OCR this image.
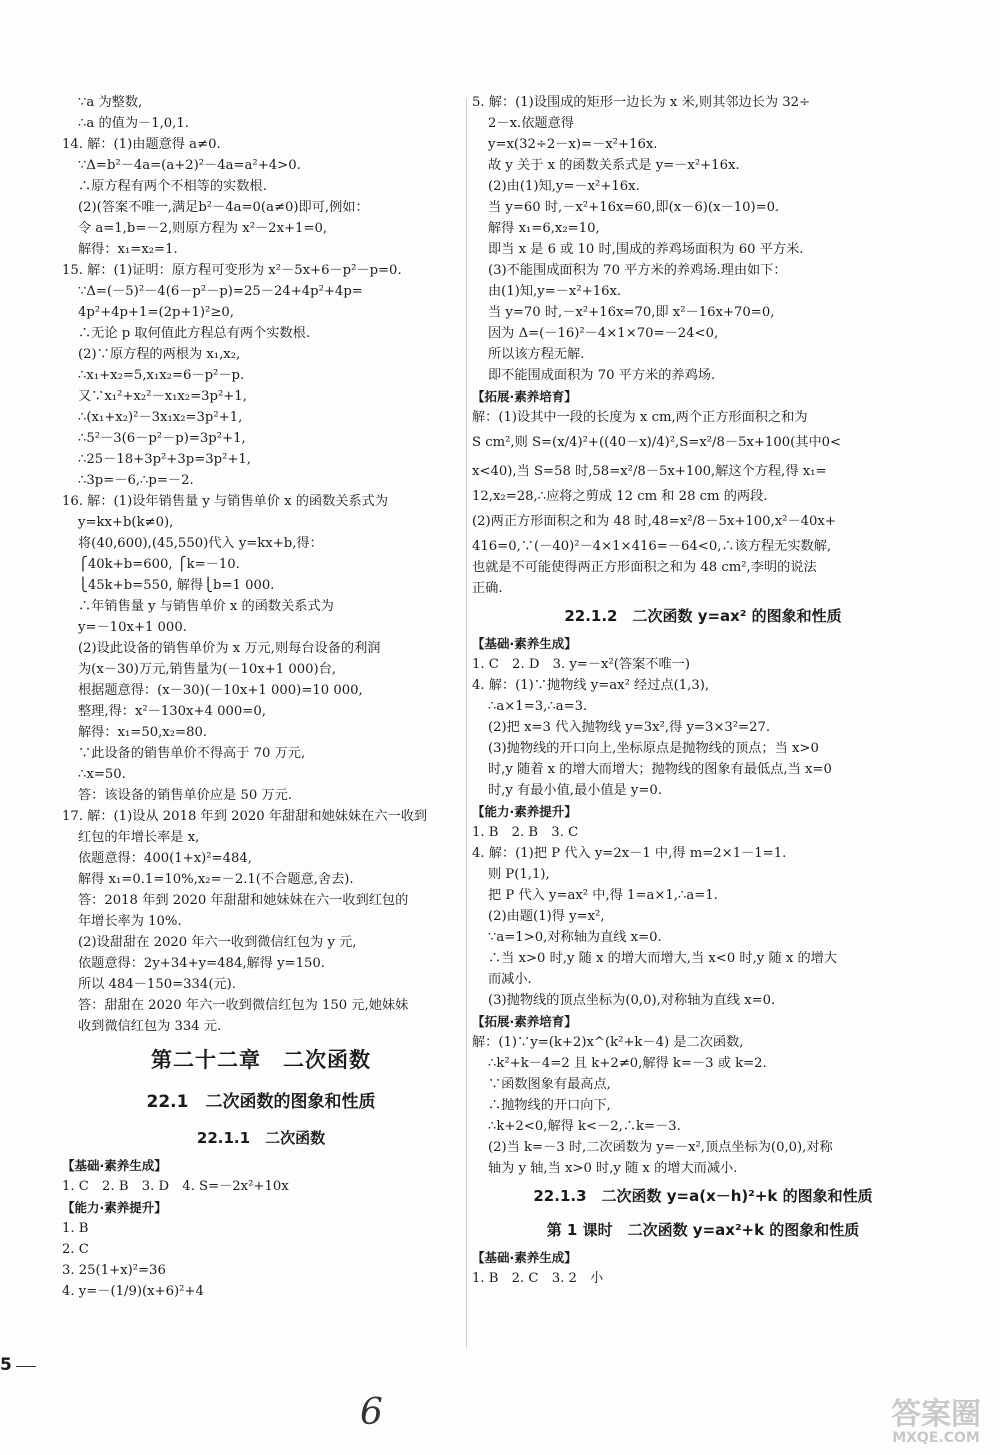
∵a 为整数,
∴a 的值为－1,0,1.
14. 解：(1)由题意得 a≠0.
∵Δ=b²－4a=(a+2)²－4a=a²+4>0.
∴原方程有两个不相等的实数根.
(2)(答案不唯一,满足b²－4a=0(a≠0)即可,例如：
令 a=1,b=－2,则原方程为 x²－2x+1=0,
解得：x₁=x₂=1.
15. 解：(1)证明：原方程可变形为 x²－5x+6－p²－p=0.
∵Δ=(－5)²－4(6－p²－p)=25－24+4p²+4p=
4p²+4p+1=(2p+1)²≥0,
∴无论 p 取何值此方程总有两个实数根.
(2)∵原方程的两根为 x₁,x₂,
∴x₁+x₂=5,x₁x₂=6－p²－p.
又∵x₁²+x₂²－x₁x₂=3p²+1,
∴(x₁+x₂)²－3x₁x₂=3p²+1,
∴5²－3(6－p²－p)=3p²+1,
∴25－18+3p²+3p=3p²+1,
∴3p=－6,∴p=－2.
16. 解：(1)设年销售量 y 与销售单价 x 的函数关系式为
y=kx+b(k≠0),
将(40,600),(45,550)代入 y=kx+b,得：
⎧40k+b=600, ⎧k=－10.
⎩45k+b=550, 解得⎩b=1 000.
∴年销售量 y 与销售单价 x 的函数关系式为
y=－10x+1 000.
(2)设此设备的销售单价为 x 万元,则每台设备的利润
为(x－30)万元,销售量为(－10x+1 000)台,
根据题意得：(x－30)(－10x+1 000)=10 000,
整理,得：x²－130x+4 000=0,
解得：x₁=50,x₂=80.
∵此设备的销售单价不得高于 70 万元,
∴x=50.
答：该设备的销售单价应是 50 万元.
17. 解：(1)设从 2018 年到 2020 年甜甜和她妹妹在六一收到
红包的年增长率是 x,
依题意得：400(1+x)²=484,
解得 x₁=0.1=10%,x₂=－2.1(不合题意,舍去).
答：2018 年到 2020 年甜甜和她妹妹在六一收到红包的
年增长率为 10%.
(2)设甜甜在 2020 年六一收到微信红包为 y 元,
依题意得：2y+34+y=484,解得 y=150.
所以 484－150=334(元).
答：甜甜在 2020 年六一收到微信红包为 150 元,她妹妹
收到微信红包为 334 元.
第二十二章　二次函数
22.1　二次函数的图象和性质
22.1.1　二次函数
【基础·素养生成】
1. C　2. B　3. D　4. S=－2x²+10x
【能力·素养提升】
1. B
2. C
3. 25(1+x)²=36
4. y=－(1/9)(x+6)²+4
5. 解：(1)设围成的矩形一边长为 x 米,则其邻边长为 32÷
2－x.依题意得
y=x(32÷2－x)=－x²+16x.
故 y 关于 x 的函数关系式是 y=－x²+16x.
(2)由(1)知,y=－x²+16x.
当 y=60 时,－x²+16x=60,即(x－6)(x－10)=0.
解得 x₁=6,x₂=10,
即当 x 是 6 或 10 时,围成的养鸡场面积为 60 平方米.
(3)不能围成面积为 70 平方米的养鸡场.理由如下：
由(1)知,y=－x²+16x.
当 y=70 时,－x²+16x=70,即 x²－16x+70=0,
因为 Δ=(－16)²－4×1×70=－24<0,
所以该方程无解.
即不能围成面积为 70 平方米的养鸡场.
【拓展·素养培育】
解：(1)设其中一段的长度为 x cm,两个正方形面积之和为
S cm²,则 S=(x/4)²+((40－x)/4)²,S=x²/8－5x+100(其中0<
x<40),当 S=58 时,58=x²/8－5x+100,解这个方程,得 x₁=
12,x₂=28,∴应将之剪成 12 cm 和 28 cm 的两段.
(2)两正方形面积之和为 48 时,48=x²/8－5x+100,x²－40x+
416=0,∵(－40)²－4×1×416=－64<0,∴该方程无实数解,
也就是不可能使得两正方形面积之和为 48 cm²,李明的说法
正确.
22.1.2　二次函数 y=ax² 的图象和性质
【基础·素养生成】
1. C　2. D　3. y=－x²(答案不唯一)
4. 解：(1)∵抛物线 y=ax² 经过点(1,3),
∴a×1=3,∴a=3.
(2)把 x=3 代入抛物线 y=3x²,得 y=3×3²=27.
(3)抛物线的开口向上,坐标原点是抛物线的顶点；当 x>0
时,y 随着 x 的增大而增大；抛物线的图象有最低点,当 x=0
时,y 有最小值,最小值是 y=0.
【能力·素养提升】
1. B　2. B　3. C
4. 解：(1)把 P 代入 y=2x－1 中,得 m=2×1－1=1.
则 P(1,1),
把 P 代入 y=ax² 中,得 1=a×1,∴a=1.
(2)由题(1)得 y=x²,
∵a=1>0,对称轴为直线 x=0.
∴当 x>0 时,y 随 x 的增大而增大,当 x<0 时,y 随 x 的增大
而减小.
(3)抛物线的顶点坐标为(0,0),对称轴为直线 x=0.
【拓展·素养培育】
解：(1)∵y=(k+2)x^(k²+k－4) 是二次函数,
∴k²+k－4=2 且 k+2≠0,解得 k=－3 或 k=2.
∵函数图象有最高点,
∴抛物线的开口向下,
∴k+2<0,解得 k<－2,∴k=－3.
(2)当 k=－3 时,二次函数为 y=－x²,顶点坐标为(0,0),对称
轴为 y 轴,当 x>0 时,y 随 x 的增大而减小.
22.1.3　二次函数 y=a(x－h)²+k 的图象和性质
第 1 课时　二次函数 y=ax²+k 的图象和性质
【基础·素养生成】
1. B　2. C　3. 2　小
5
6	答案圈
MXQE.COM
